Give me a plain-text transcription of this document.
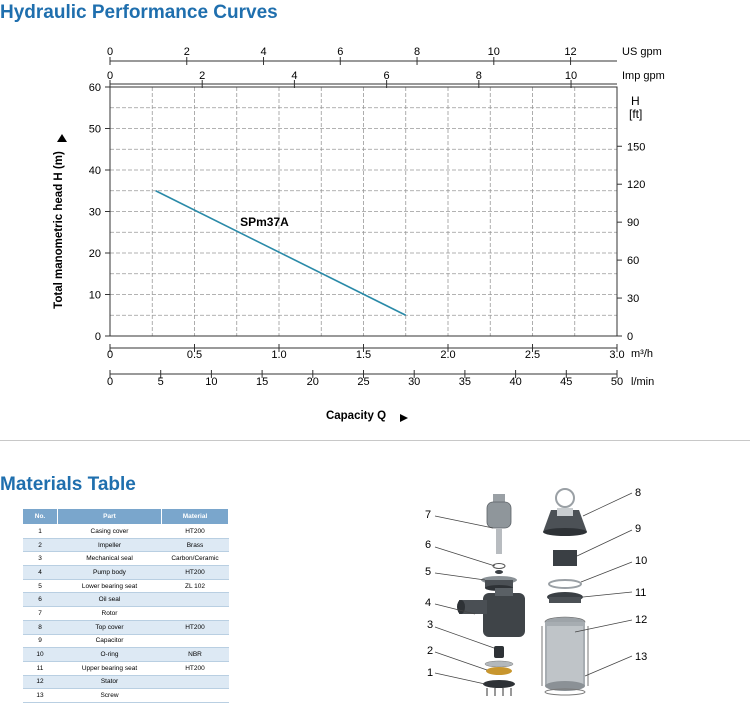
Hydraulic Performance Curves
0
10
20
30
40
50
60
0
30
60
90
120
150
H
[ft]
Total manometric head H (m)
0	0.5	1.0	1.5	2.0	2.5	3.0 m³/h
0	5	10	15	20	25	30	35	40	45	50 l/min
0	2	4	6	8	10	12	US gpm
0	2	4	6	8	10	Imp gpm
Capacity Q
SPm37A
Materials Table
No.	Part	Material
1	Casing cover	HT200
2	Impeller	Brass
3	Mechanical seal	Carbon/Ceramic
4	Pump body	HT200
5	Lower bearing seat	ZL 102
6	Oil seal	
7	Rotor	
8	Top cover	HT200
9	Capacitor	
10	O-ring	NBR
11	Upper bearing seat	HT200
12	Stator	
13	Screw	
1
2
3
4
5
6
7
8
9
10
11
12
13
